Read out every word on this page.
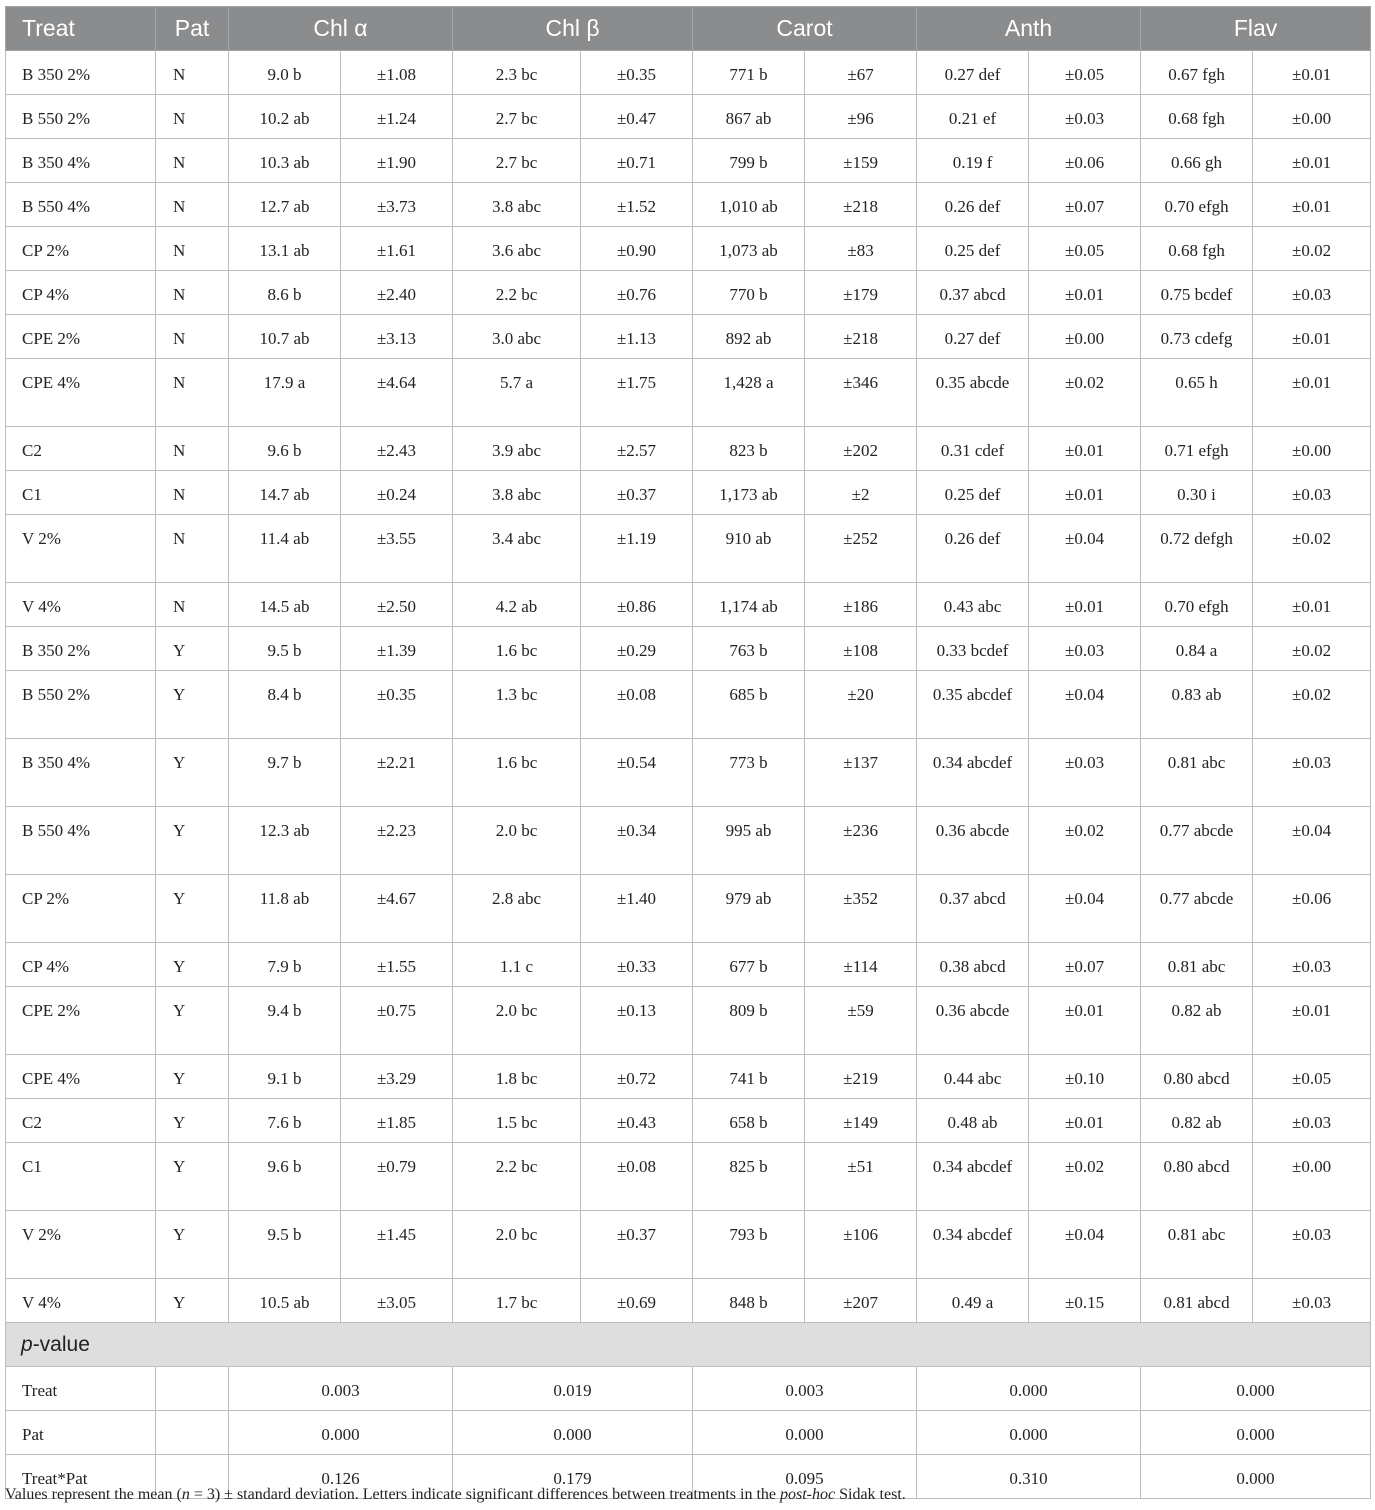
Treat	Pat	Chl α		Chl β		Carot		Anth		Flav	
B 350 2%	N	9.0 b	±1.08	2.3 bc	±0.35	771 b	±67	0.27 def	±0.05	0.67 fgh	±0.01
B 550 2%	N	10.2 ab	±1.24	2.7 bc	±0.47	867 ab	±96	0.21 ef	±0.03	0.68 fgh	±0.00
B 350 4%	N	10.3 ab	±1.90	2.7 bc	±0.71	799 b	±159	0.19 f	±0.06	0.66 gh	±0.01
B 550 4%	N	12.7 ab	±3.73	3.8 abc	±1.52	1,010 ab	±218	0.26 def	±0.07	0.70 efgh	±0.01
CP 2%	N	13.1 ab	±1.61	3.6 abc	±0.90	1,073 ab	±83	0.25 def	±0.05	0.68 fgh	±0.02
CP 4%	N	8.6 b	±2.40	2.2 bc	±0.76	770 b	±179	0.37 abcd	±0.01	0.75 bcdef	±0.03
CPE 2%	N	10.7 ab	±3.13	3.0 abc	±1.13	892 ab	±218	0.27 def	±0.00	0.73 cdefg	±0.01
CPE 4%	N	17.9 a	±4.64	5.7 a	±1.75	1,428 a	±346	0.35 abcde	±0.02	0.65 h	±0.01
C2	N	9.6 b	±2.43	3.9 abc	±2.57	823 b	±202	0.31 cdef	±0.01	0.71 efgh	±0.00
C1	N	14.7 ab	±0.24	3.8 abc	±0.37	1,173 ab	±2	0.25 def	±0.01	0.30 i	±0.03
V 2%	N	11.4 ab	±3.55	3.4 abc	±1.19	910 ab	±252	0.26 def	±0.04	0.72 defgh	±0.02
V 4%	N	14.5 ab	±2.50	4.2 ab	±0.86	1,174 ab	±186	0.43 abc	±0.01	0.70 efgh	±0.01
B 350 2%	Y	9.5 b	±1.39	1.6 bc	±0.29	763 b	±108	0.33 bcdef	±0.03	0.84 a	±0.02
B 550 2%	Y	8.4 b	±0.35	1.3 bc	±0.08	685 b	±20	0.35 abcdef	±0.04	0.83 ab	±0.02
B 350 4%	Y	9.7 b	±2.21	1.6 bc	±0.54	773 b	±137	0.34 abcdef	±0.03	0.81 abc	±0.03
B 550 4%	Y	12.3 ab	±2.23	2.0 bc	±0.34	995 ab	±236	0.36 abcde	±0.02	0.77 abcde	±0.04
CP 2%	Y	11.8 ab	±4.67	2.8 abc	±1.40	979 ab	±352	0.37 abcd	±0.04	0.77 abcde	±0.06
CP 4%	Y	7.9 b	±1.55	1.1 c	±0.33	677 b	±114	0.38 abcd	±0.07	0.81 abc	±0.03
CPE 2%	Y	9.4 b	±0.75	2.0 bc	±0.13	809 b	±59	0.36 abcde	±0.01	0.82 ab	±0.01
CPE 4%	Y	9.1 b	±3.29	1.8 bc	±0.72	741 b	±219	0.44 abc	±0.10	0.80 abcd	±0.05
C2	Y	7.6 b	±1.85	1.5 bc	±0.43	658 b	±149	0.48 ab	±0.01	0.82 ab	±0.03
C1	Y	9.6 b	±0.79	2.2 bc	±0.08	825 b	±51	0.34 abcdef	±0.02	0.80 abcd	±0.00
V 2%	Y	9.5 b	±1.45	2.0 bc	±0.37	793 b	±106	0.34 abcdef	±0.04	0.81 abc	±0.03
V 4%	Y	10.5 ab	±3.05	1.7 bc	±0.69	848 b	±207	0.49 a	±0.15	0.81 abcd	±0.03
p-value											
Treat		0.003		0.019		0.003		0.000		0.000	
Pat		0.000		0.000		0.000		0.000		0.000	
Treat*Pat		0.126		0.179		0.095		0.310		0.000	
Values represent the mean (n = 3) ± standard deviation. Letters indicate significant differences between treatments in the post-hoc Sidak test.
